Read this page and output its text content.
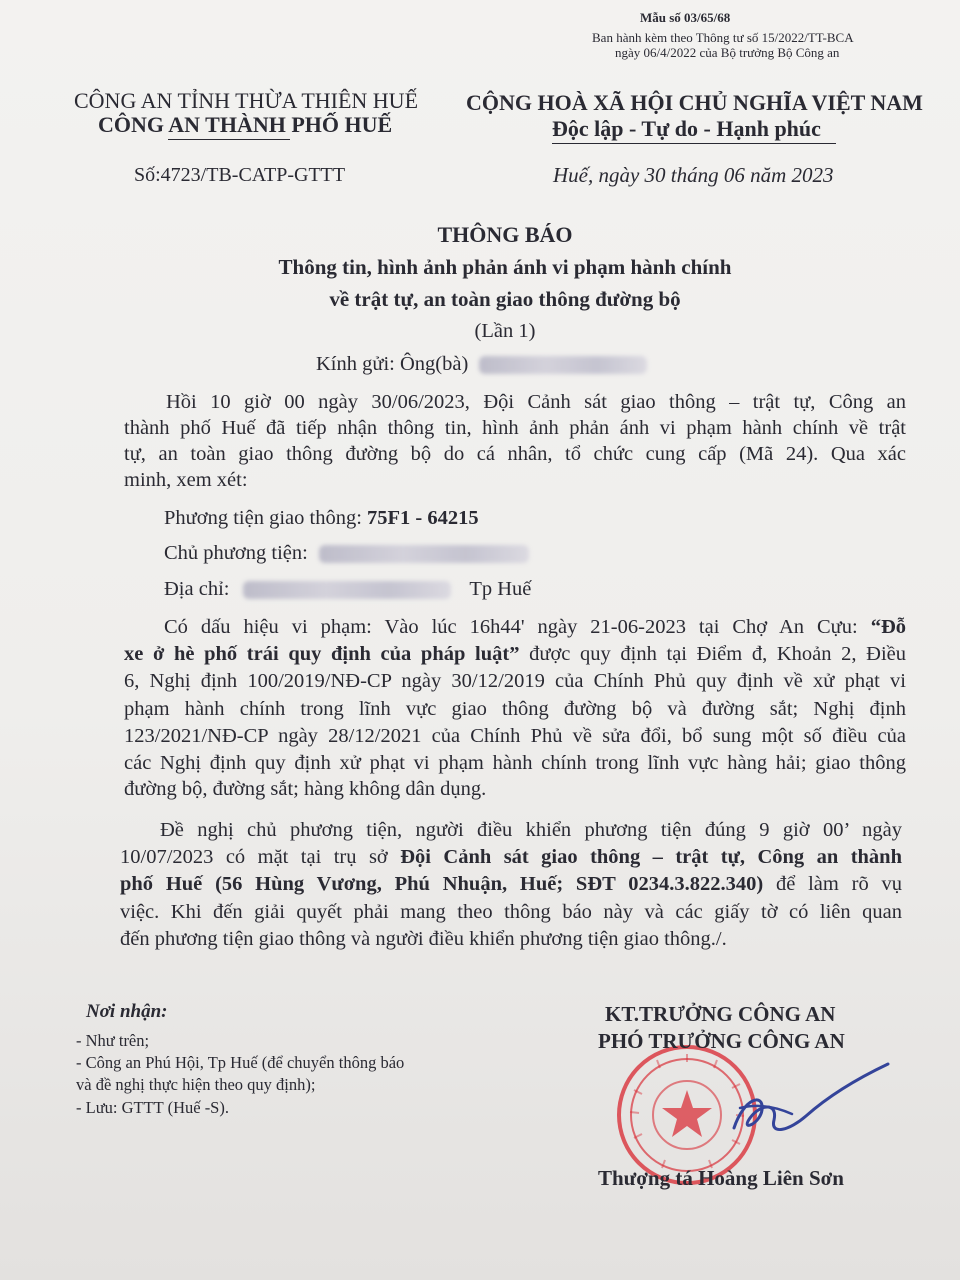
Mẫu số 03/65/68
Ban hành kèm theo Thông tư số 15/2022/TT-BCA
ngày 06/4/2022 của Bộ trưởng Bộ Công an
CÔNG AN TỈNH THỪA THIÊN HUẾ
CÔNG AN THÀNH PHỐ HUẾ
Số:4723/TB-CATP-GTTT
CỘNG HOÀ XÃ HỘI CHỦ NGHĨA VIỆT NAM
Độc lập - Tự do - Hạnh phúc
Huế, ngày 30 tháng 06 năm 2023
THÔNG BÁO
Thông tin, hình ảnh phản ánh vi phạm hành chính
về trật tự, an toàn giao thông đường bộ
(Lần 1)
Kính gửi: Ông(bà)
Hồi 10 giờ 00 ngày 30/06/2023, Đội Cảnh sát giao thông – trật tự, Công an
thành phố Huế đã tiếp nhận thông tin, hình ảnh phản ánh vi phạm hành chính về trật
tự, an toàn giao thông đường bộ do cá nhân, tổ chức cung cấp (Mã 24). Qua xác
minh, xem xét:
Phương tiện giao thông: 75F1 - 64215
Chủ phương tiện:
Địa chỉ:	Tp Huế
Có dấu hiệu vi phạm: Vào lúc 16h44' ngày 21-06-2023 tại Chợ An Cựu: “Đỗ
xe ở hè phố trái quy định của pháp luật” được quy định tại Điểm đ, Khoản 2, Điều
6, Nghị định 100/2019/NĐ-CP ngày 30/12/2019 của Chính Phủ quy định về xử phạt vi
phạm hành chính trong lĩnh vực giao thông đường bộ và đường sắt; Nghị định
123/2021/NĐ-CP ngày 28/12/2021 của Chính Phủ về sửa đổi, bổ sung một số điều của
các Nghị định quy định xử phạt vi phạm hành chính trong lĩnh vực hàng hải; giao thông
đường bộ, đường sắt; hàng không dân dụng.
Đề nghị chủ phương tiện, người điều khiển phương tiện đúng 9 giờ 00’ ngày
10/07/2023 có mặt tại trụ sở Đội Cảnh sát giao thông – trật tự, Công an thành
phố Huế (56 Hùng Vương, Phú Nhuận, Huế; SĐT 0234.3.822.340) để làm rõ vụ
việc. Khi đến giải quyết phải mang theo thông báo này và các giấy tờ có liên quan
đến phương tiện giao thông và người điều khiển phương tiện giao thông./.
Nơi nhận:
- Như trên;
- Công an Phú Hội, Tp Huế (để chuyển thông báo
và đề nghị thực hiện theo quy định);
- Lưu: GTTT (Huế -S).
KT.TRƯỞNG CÔNG AN
PHÓ TRƯỞNG CÔNG AN
Thượng tá Hoàng Liên Sơn
